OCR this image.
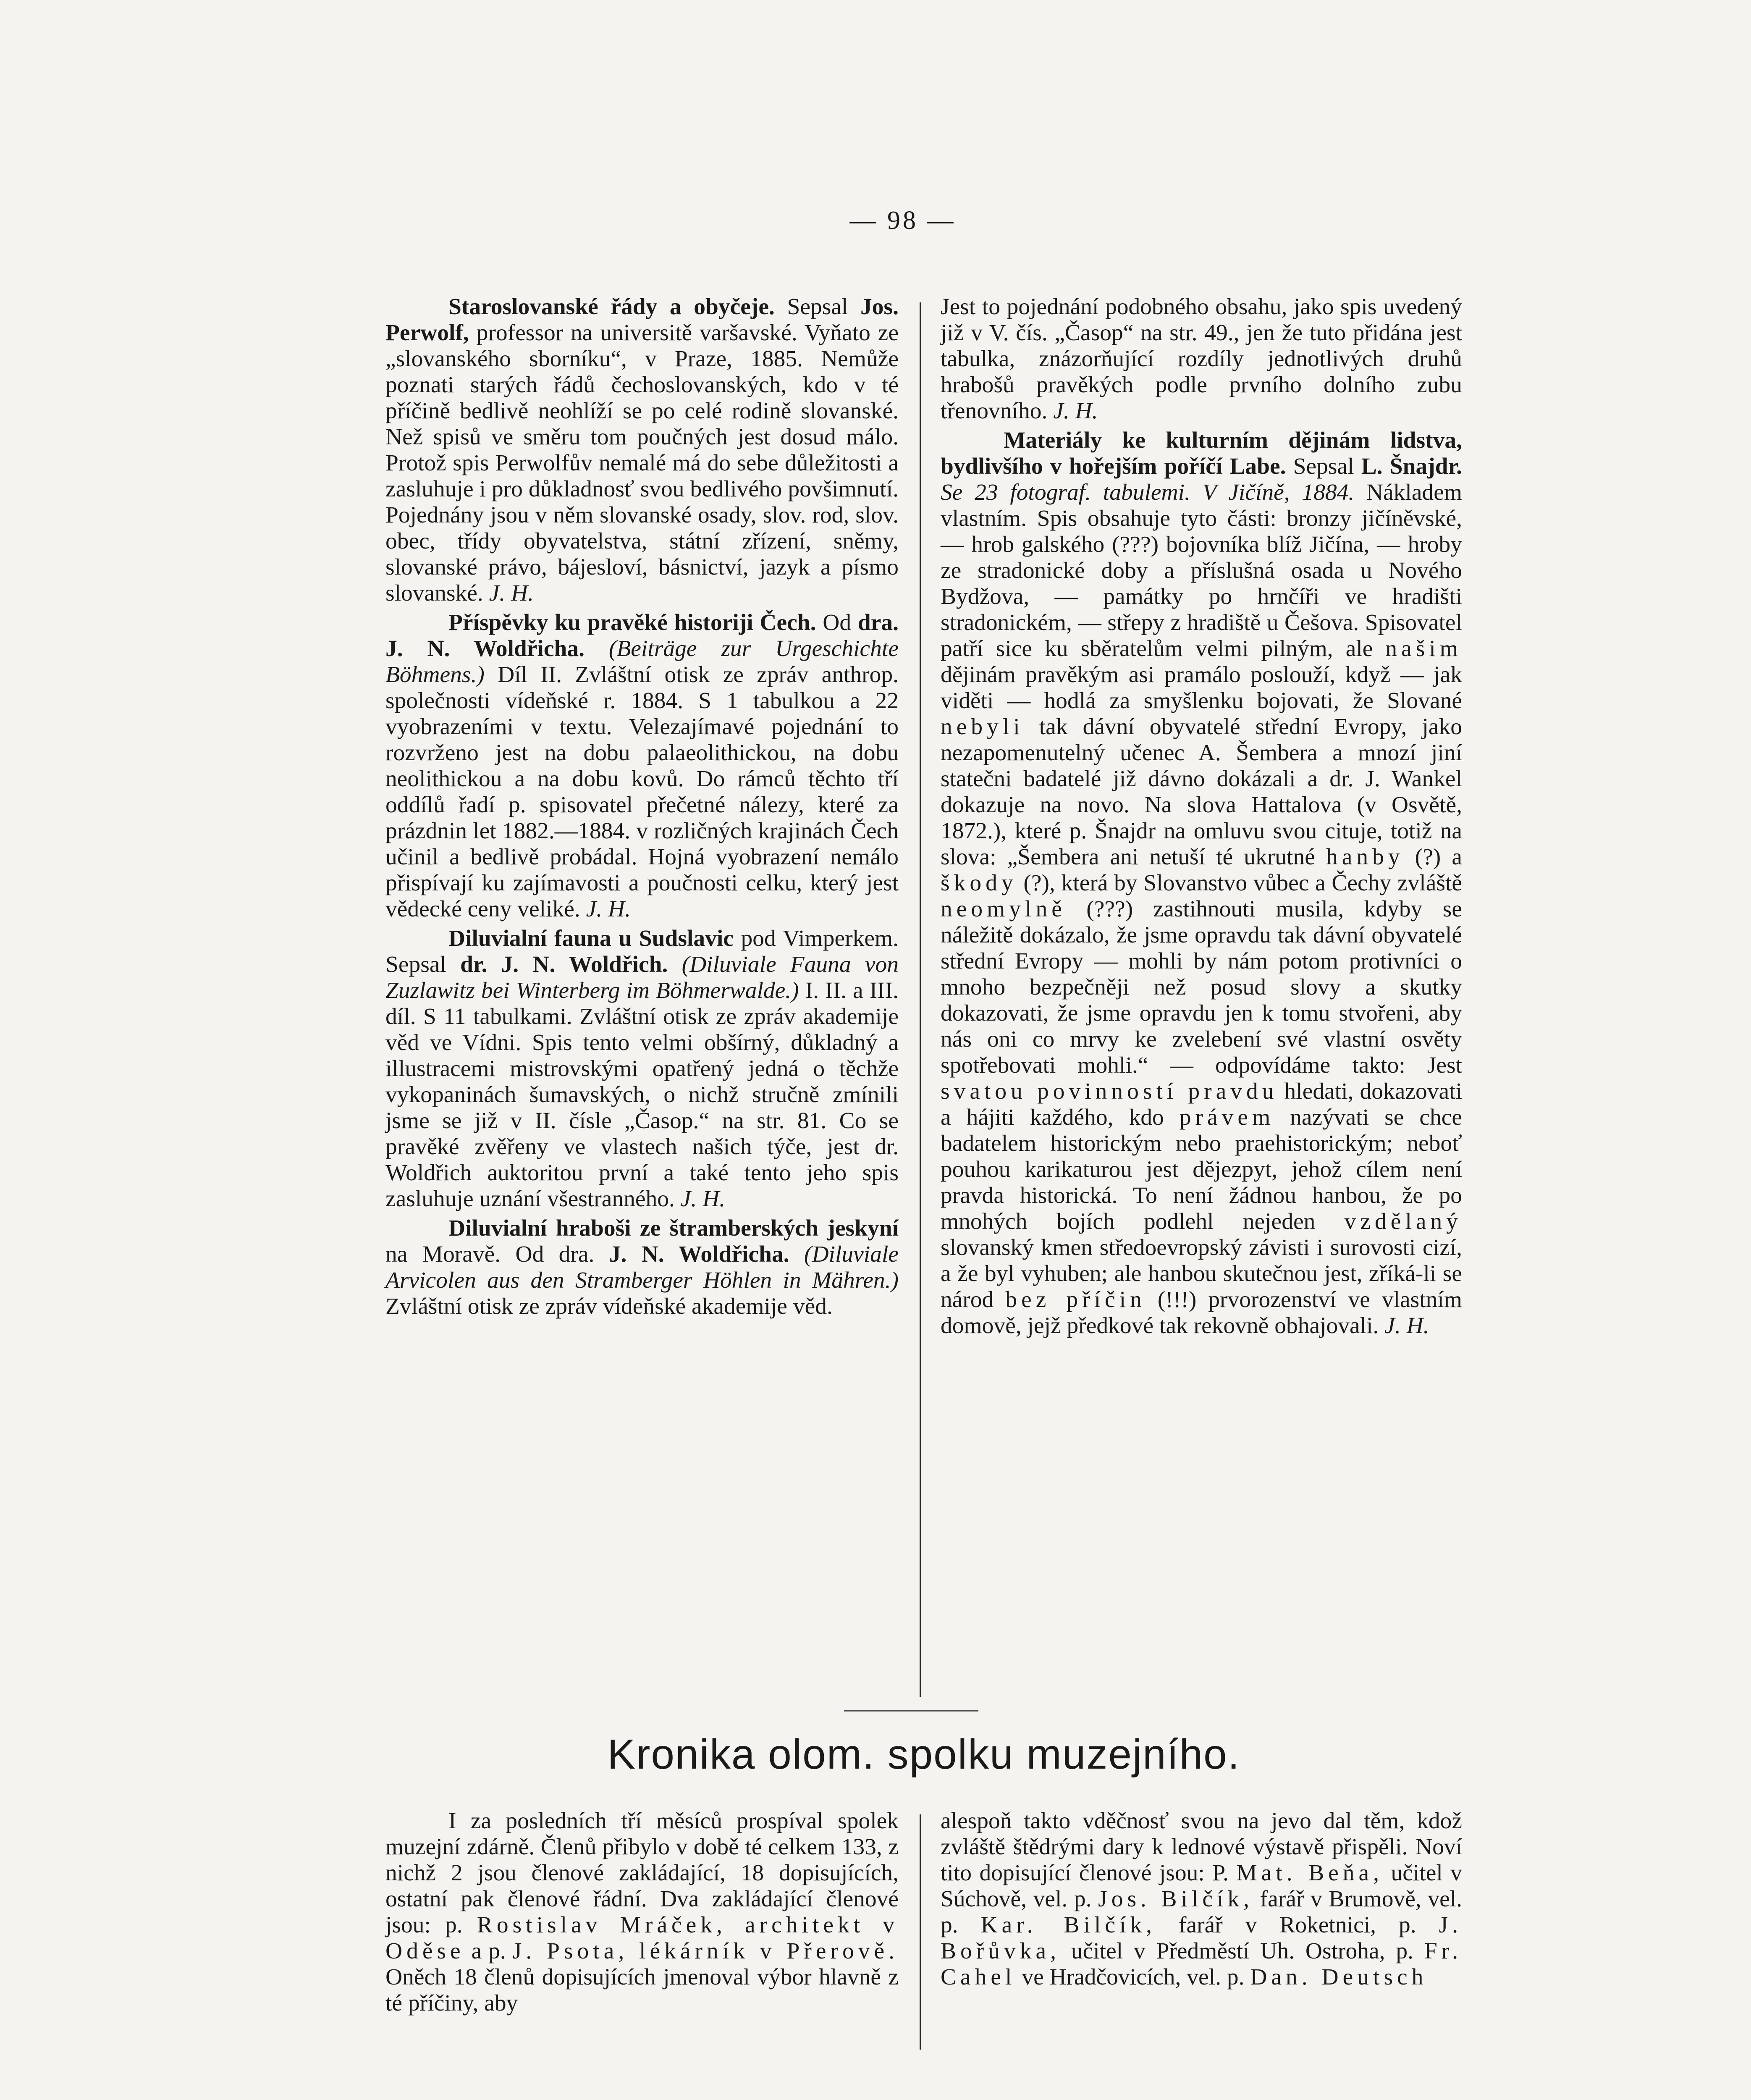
— 98 —

Staroslovanské řády a obyčeje. Sepsal Jos. Perwolf, professor na universitě varšavské. Vyňato ze „slovanského sborníku“, v Praze, 1885. Nemůže poznati starých řádů čechoslovanských, kdo v té příčině bedlivě neohlíží se po celé rodině slovanské. Než spisů ve směru tom poučných jest dosud málo. Protož spis Perwolfův nemalé má do sebe důležitosti a zasluhuje i pro důkladnosť svou bedlivého povšimnutí. Pojednány jsou v něm slovanské osady, slov. rod, slov. obec, třídy obyvatelstva, státní zřízení, sněmy, slovanské právo, bájesloví, básnictví, jazyk a písmo slovanské. J. H.

Příspěvky ku pravěké historiji Čech. Od dra. J. N. Woldřicha. (Beiträge zur Urgeschichte Böhmens.) Díl II. Zvláštní otisk ze zpráv anthrop. společnosti vídeňské r. 1884. S 1 tabulkou a 22 vyobrazeními v textu. Velezajímavé pojednání to rozvrženo jest na dobu palaeolithickou, na dobu neolithickou a na dobu kovů. Do rámců těchto tří oddílů řadí p. spisovatel přečetné nálezy, které za prázdnin let 1882.—1884. v rozličných krajinách Čech učinil a bedlivě probádal. Hojná vyobrazení nemálo přispívají ku zajímavosti a poučnosti celku, který jest vědecké ceny veliké. J. H.

Diluvialní fauna u Sudslavic pod Vimperkem. Sepsal dr. J. N. Woldřich. (Diluviale Fauna von Zuzlawitz bei Winterberg im Böhmerwalde.) I. II. a III. díl. S 11 tabulkami. Zvláštní otisk ze zpráv akademije věd ve Vídni. Spis tento velmi obšírný, důkladný a illustracemi mistrovskými opatřený jedná o těchže vykopaninách šumavských, o nichž stručně zmínili jsme se již v II. čísle „Časop.“ na str. 81. Co se pravěké zvěřeny ve vlastech našich týče, jest dr. Woldřich auktoritou první a také tento jeho spis zasluhuje uznání všestranného. J. H.

Diluvialní hraboši ze štramberských jeskyní na Moravě. Od dra. J. N. Woldřicha. (Diluviale Arvicolen aus den Stramberger Höhlen in Mähren.) Zvláštní otisk ze zpráv vídeňské akademije věd.

Jest to pojednání podobného obsahu, jako spis uvedený již v V. čís. „Časop“ na str. 49., jen že tuto přidána jest tabulka, znázorňující rozdíly jednotlivých druhů hrabošů pravěkých podle prvního dolního zubu třenovního. J. H.

Materiály ke kulturním dějinám lidstva, bydlivšího v hořejším poříčí Labe. Sepsal L. Šnajdr. Se 23 fotograf. tabulemi. V Jičíně, 1884. Nákladem vlastním. Spis obsahuje tyto části: bronzy jičíněvské, — hrob galského (???) bojovníka blíž Jičína, — hroby ze stradonické doby a příslušná osada u Nového Bydžova, — památky po hrnčíři ve hradišti stradonickém, — střepy z hradiště u Češova. Spisovatel patří sice ku sběratelům velmi pilným, ale našim dějinám pravěkým asi pramálo poslouží, když — jak viděti — hodlá za smyšlenku bojovati, že Slované nebyli tak dávní obyvatelé střední Evropy, jako nezapomenutelný učenec A. Šembera a mnozí jiní statečni badatelé již dávno dokázali a dr. J. Wankel dokazuje na novo. Na slova Hattalova (v Osvětě, 1872.), které p. Šnajdr na omluvu svou cituje, totiž na slova: „Šembera ani netuší té ukrutné hanby (?) a škody (?), která by Slovanstvo vůbec a Čechy zvláště neomylně (???) zastihnouti musila, kdyby se náležitě dokázalo, že jsme opravdu tak dávní obyvatelé střední Evropy — mohli by nám potom protivníci o mnoho bezpečněji než posud slovy a skutky dokazovati, že jsme opravdu jen k tomu stvořeni, aby nás oni co mrvy ke zvelebení své vlastní osvěty spotřebovati mohli.“ — odpovídáme takto: Jest svatou povinností pravdu hledati, dokazovati a hájiti každého, kdo právem nazývati se chce badatelem historickým nebo praehistorickým; neboť pouhou karikaturou jest dějezpyt, jehož cílem není pravda historická. To není žádnou hanbou, že po mnohých bojích podlehl nejeden vzdělaný slovanský kmen středoevropský závisti i surovosti cizí, a že byl vyhuben; ale hanbou skutečnou jest, zříká-li se národ bez příčin (!!!) prvorozenství ve vlastním domově, jejž předkové tak rekovně obhajovali. J. H.

Kronika olom. spolku muzejního.

I za posledních tří měsíců prospíval spolek muzejní zdárně. Členů přibylo v době té celkem 133, z nichž 2 jsou členové zakládající, 18 dopisujících, ostatní pak členové řádní. Dva zakládající členové jsou: p. Rostislav Mráček, architekt v Oděse a p. J. Psota, lékárník v Přerově. Oněch 18 členů dopisujících jmenoval výbor hlavně z té příčiny, aby

alespoň takto vděčnosť svou na jevo dal těm, kdož zvláště štědrými dary k lednové výstavě přispěli. Noví tito dopisující členové jsou: P. Mat. Beňa, učitel v Súchově, vel. p. Jos. Bilčík, farář v Brumově, vel. p. Kar. Bilčík, farář v Roketnici, p. J. Bořůvka, učitel v Předměstí Uh. Ostroha, p. Fr. Cahel ve Hradčovicích, vel. p. Dan. Deutsch
